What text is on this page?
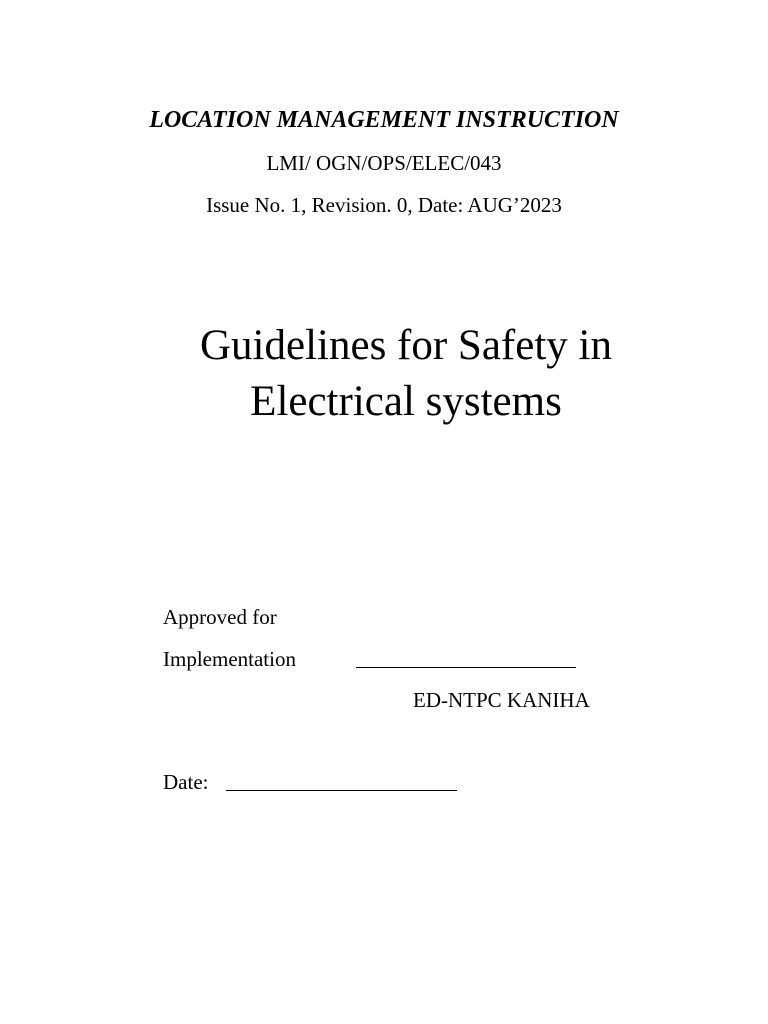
LOCATION MANAGEMENT INSTRUCTION
LMI/ OGN/OPS/ELEC/043
Issue No. 1, Revision. 0, Date: AUG’2023
Guidelines for Safety in
Electrical systems
Approved for
Implementation
ED-NTPC KANIHA
Date:
